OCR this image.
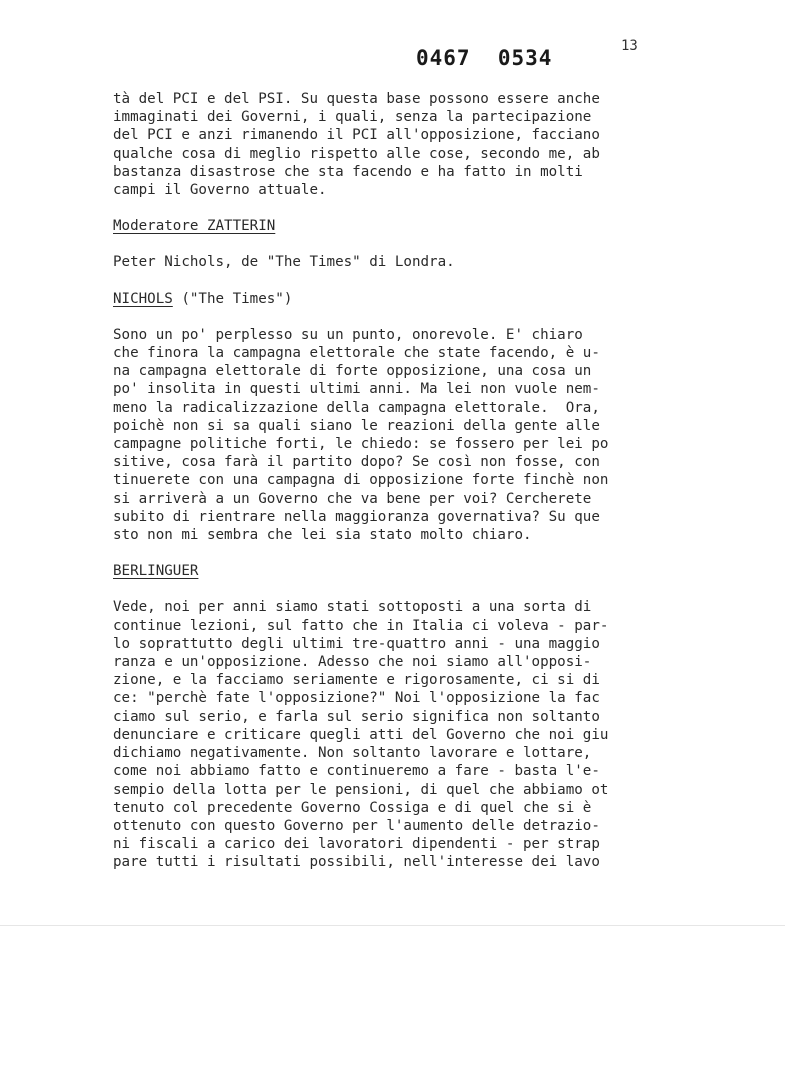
0467  0534	13

tà del PCI e del PSI. Su questa base possono essere anche

immaginati dei Governi, i quali, senza la partecipazione

del PCI e anzi rimanendo il PCI all'opposizione, facciano

qualche cosa di meglio rispetto alle cose, secondo me, ab

bastanza disastrose che sta facendo e ha fatto in molti

campi il Governo attuale.

Moderatore ZATTERIN

Peter Nichols, de "The Times" di Londra.

NICHOLS ("The Times")

Sono un po' perplesso su un punto, onorevole. E' chiaro

che finora la campagna elettorale che state facendo, è u-

na campagna elettorale di forte opposizione, una cosa un

po' insolita in questi ultimi anni. Ma lei non vuole nem-

meno la radicalizzazione della campagna elettorale.  Ora,

poichè non si sa quali siano le reazioni della gente alle

campagne politiche forti, le chiedo: se fossero per lei po

sitive, cosa farà il partito dopo? Se così non fosse, con

tinuerete con una campagna di opposizione forte finchè non

si arriverà a un Governo che va bene per voi? Cercherete

subito di rientrare nella maggioranza governativa? Su que

sto non mi sembra che lei sia stato molto chiaro.

BERLINGUER

Vede, noi per anni siamo stati sottoposti a una sorta di

continue lezioni, sul fatto che in Italia ci voleva - par-

lo soprattutto degli ultimi tre-quattro anni - una maggio

ranza e un'opposizione. Adesso che noi siamo all'opposi-

zione, e la facciamo seriamente e rigorosamente, ci si di

ce: "perchè fate l'opposizione?" Noi l'opposizione la fac

ciamo sul serio, e farla sul serio significa non soltanto

denunciare e criticare quegli atti del Governo che noi giu

dichiamo negativamente. Non soltanto lavorare e lottare,

come noi abbiamo fatto e continueremo a fare - basta l'e-

sempio della lotta per le pensioni, di quel che abbiamo ot

tenuto col precedente Governo Cossiga e di quel che si è

ottenuto con questo Governo per l'aumento delle detrazio-

ni fiscali a carico dei lavoratori dipendenti - per strap

pare tutti i risultati possibili, nell'interesse dei lavo
